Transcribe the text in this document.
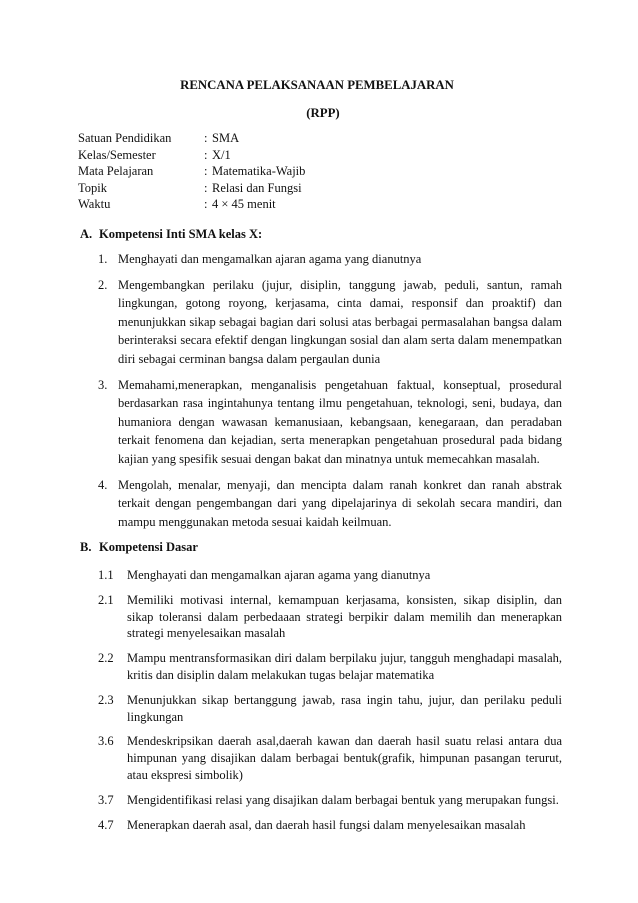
RENCANA PELAKSANAAN PEMBELAJARAN
(RPP)
Satuan Pendidikan	: SMA
Kelas/Semester	: X/1
Mata Pelajaran	: Matematika-Wajib
Topik	: Relasi dan Fungsi
Waktu	: 4 × 45 menit
A. Kompetensi Inti SMA kelas X:
1. Menghayati dan mengamalkan ajaran agama yang dianutnya
2. Mengembangkan perilaku (jujur, disiplin, tanggung jawab, peduli, santun, ramah lingkungan, gotong royong, kerjasama, cinta damai, responsif dan proaktif) dan menunjukkan sikap sebagai bagian dari solusi atas berbagai permasalahan bangsa dalam berinteraksi secara efektif dengan lingkungan sosial dan alam serta dalam menempatkan diri sebagai cerminan bangsa dalam pergaulan dunia
3. Memahami,menerapkan, menganalisis pengetahuan faktual, konseptual, prosedural berdasarkan rasa ingintahunya tentang ilmu pengetahuan, teknologi, seni, budaya, dan humaniora dengan wawasan kemanusiaan, kebangsaan, kenegaraan, dan peradaban terkait fenomena dan kejadian, serta menerapkan pengetahuan prosedural pada bidang kajian yang spesifik sesuai dengan bakat dan minatnya untuk memecahkan masalah.
4. Mengolah, menalar, menyaji, dan mencipta dalam ranah konkret dan ranah abstrak terkait dengan pengembangan dari yang dipelajarinya di sekolah secara mandiri, dan mampu menggunakan metoda sesuai kaidah keilmuan.
B. Kompetensi Dasar
1.1 Menghayati dan mengamalkan ajaran agama yang dianutnya
2.1 Memiliki motivasi internal, kemampuan kerjasama, konsisten, sikap disiplin, dan sikap toleransi dalam perbedaaan strategi berpikir dalam memilih dan menerapkan strategi menyelesaikan masalah
2.2 Mampu mentransformasikan diri dalam berpilaku jujur, tangguh menghadapi masalah, kritis dan disiplin dalam melakukan tugas belajar matematika
2.3 Menunjukkan sikap bertanggung jawab, rasa ingin tahu, jujur, dan perilaku peduli lingkungan
3.6 Mendeskripsikan daerah asal,daerah kawan dan daerah hasil suatu relasi antara dua himpunan yang disajikan dalam berbagai bentuk(grafik, himpunan pasangan terurut, atau ekspresi simbolik)
3.7 Mengidentifikasi relasi yang disajikan dalam berbagai bentuk yang merupakan fungsi.
4.7 Menerapkan daerah asal, dan daerah hasil fungsi dalam menyelesaikan masalah
